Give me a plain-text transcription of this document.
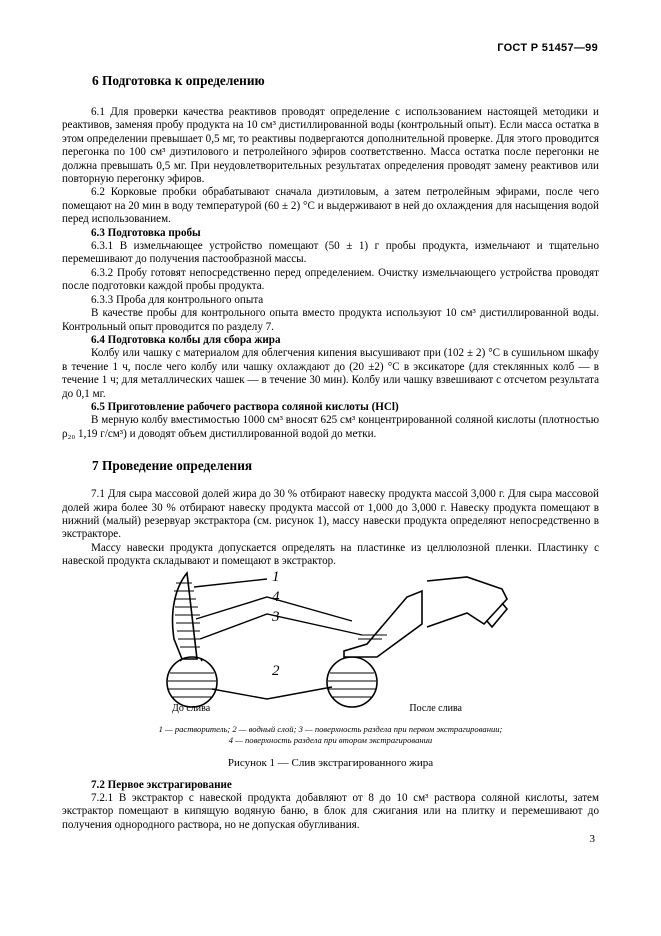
ГОСТ Р 51457—99
6 Подготовка к определению

6.1 Для проверки качества реактивов проводят определение с использованием настоящей методики и реактивов, заменяя пробу продукта на 10 см³ дистиллированной воды (контрольный опыт). Если масса остатка в этом определении превышает 0,5 мг, то реактивы подвергаются дополнительной проверке. Для этого проводится перегонка по 100 см³ диэтилового и петролейного эфиров соответственно. Масса остатка после перегонки не должна превышать 0,5 мг. При неудовлетворительных результатах определения проводят замену реактивов или повторную перегонку эфиров.

6.2 Корковые пробки обрабатывают сначала диэтиловым, а затем петролейным эфирами, после чего помещают на 20 мин в воду температурой (60 ± 2) °С и выдерживают в ней до охлаждения для насыщения водой перед использованием.

6.3 Подготовка пробы

6.3.1 В измельчающее устройство помещают (50 ± 1) г пробы продукта, измельчают и тщательно перемешивают до получения пастообразной массы.

6.3.2 Пробу готовят непосредственно перед определением. Очистку измельчающего устройства проводят после подготовки каждой пробы продукта.

6.3.3 Проба для контрольного опыта

В качестве пробы для контрольного опыта вместо продукта используют 10 см³ дистиллированной воды. Контрольный опыт проводится по разделу 7.

6.4 Подготовка колбы для сбора жира

Колбу или чашку с материалом для облегчения кипения высушивают при (102 ± 2) °С в сушильном шкафу в течение 1 ч, после чего колбу или чашку охлаждают до (20 ±2) °С в эксикаторе (для стеклянных колб — в течение 1 ч; для металлических чашек — в течение 30 мин). Колбу или чашку взвешивают с отсчетом результата до 0,1 мг.

6.5 Приготовление рабочего раствора соляной кислоты (HCl)

В мерную колбу вместимостью 1000 см³ вносят 625 см³ концентрированной соляной кислоты (плотностью ρ₂₀ 1,19 г/см³) и доводят объем дистиллированной водой до метки.

7 Проведение определения

7.1 Для сыра массовой долей жира до 30 % отбирают навеску продукта массой 3,000 г. Для сыра массовой долей жира более 30 % отбирают навеску продукта массой от 1,000 до 3,000 г. Навеску продукта помещают в нижний (малый) резервуар экстрактора (см. рисунок 1), массу навески продукта определяют непосредственно в экстракторе.

Массу навески продукта допускается определять на пластинке из целлюлозной пленки. Пластинку с навеской продукта складывают и помещают в экстрактор.

1
4
3
2
До слива	После слива
1 — растворитель; 2 — водный слой; 3 — поверхность раздела при первом экстрагировании;
4 — поверхность раздела при втором экстрагировании
Рисунок 1 — Слив экстрагированного жира

7.2 Первое экстрагирование

7.2.1 В экстрактор с навеской продукта добавляют от 8 до 10 см³ раствора соляной кислоты, затем экстрактор помещают в кипящую водяную баню, в блок для сжигания или на плитку и перемешивают до получения однородного раствора, но не допуская обугливания.

3
